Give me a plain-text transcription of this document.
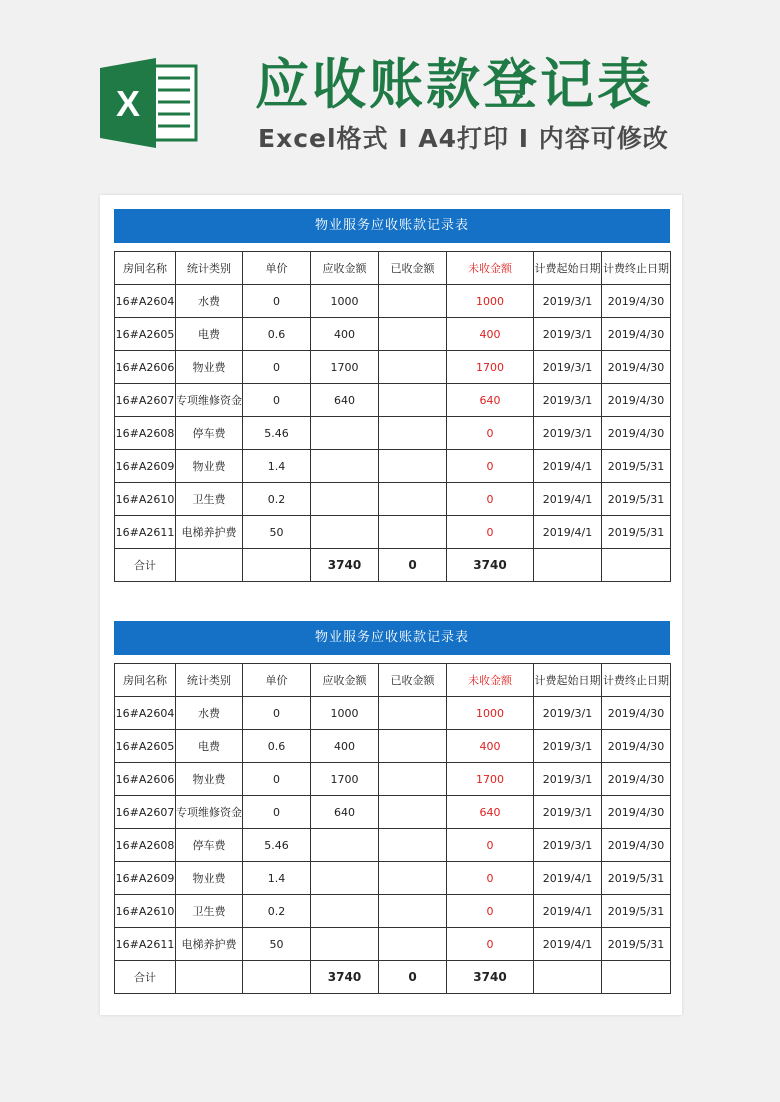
X 应收账款登记表
Excel格式 I A4打印 I 内容可修改
物业服务应收账款记录表
房间名称	统计类别	单价	应收金额	已收金额	未收金额	计费起始日期	计费终止日期
16#A2604	水费	0	1000		1000	2019/3/1	2019/4/30
16#A2605	电费	0.6	400		400	2019/3/1	2019/4/30
16#A2606	物业费	0	1700		1700	2019/3/1	2019/4/30
16#A2607	专项维修资金	0	640		640	2019/3/1	2019/4/30
16#A2608	停车费	5.46			0	2019/3/1	2019/4/30
16#A2609	物业费	1.4			0	2019/4/1	2019/5/31
16#A2610	卫生费	0.2			0	2019/4/1	2019/5/31
16#A2611	电梯养护费	50			0	2019/4/1	2019/5/31
合计			3740	0	3740		
物业服务应收账款记录表
房间名称	统计类别	单价	应收金额	已收金额	未收金额	计费起始日期	计费终止日期
16#A2604	水费	0	1000		1000	2019/3/1	2019/4/30
16#A2605	电费	0.6	400		400	2019/3/1	2019/4/30
16#A2606	物业费	0	1700		1700	2019/3/1	2019/4/30
16#A2607	专项维修资金	0	640		640	2019/3/1	2019/4/30
16#A2608	停车费	5.46			0	2019/3/1	2019/4/30
16#A2609	物业费	1.4			0	2019/4/1	2019/5/31
16#A2610	卫生费	0.2			0	2019/4/1	2019/5/31
16#A2611	电梯养护费	50			0	2019/4/1	2019/5/31
合计			3740	0	3740		
